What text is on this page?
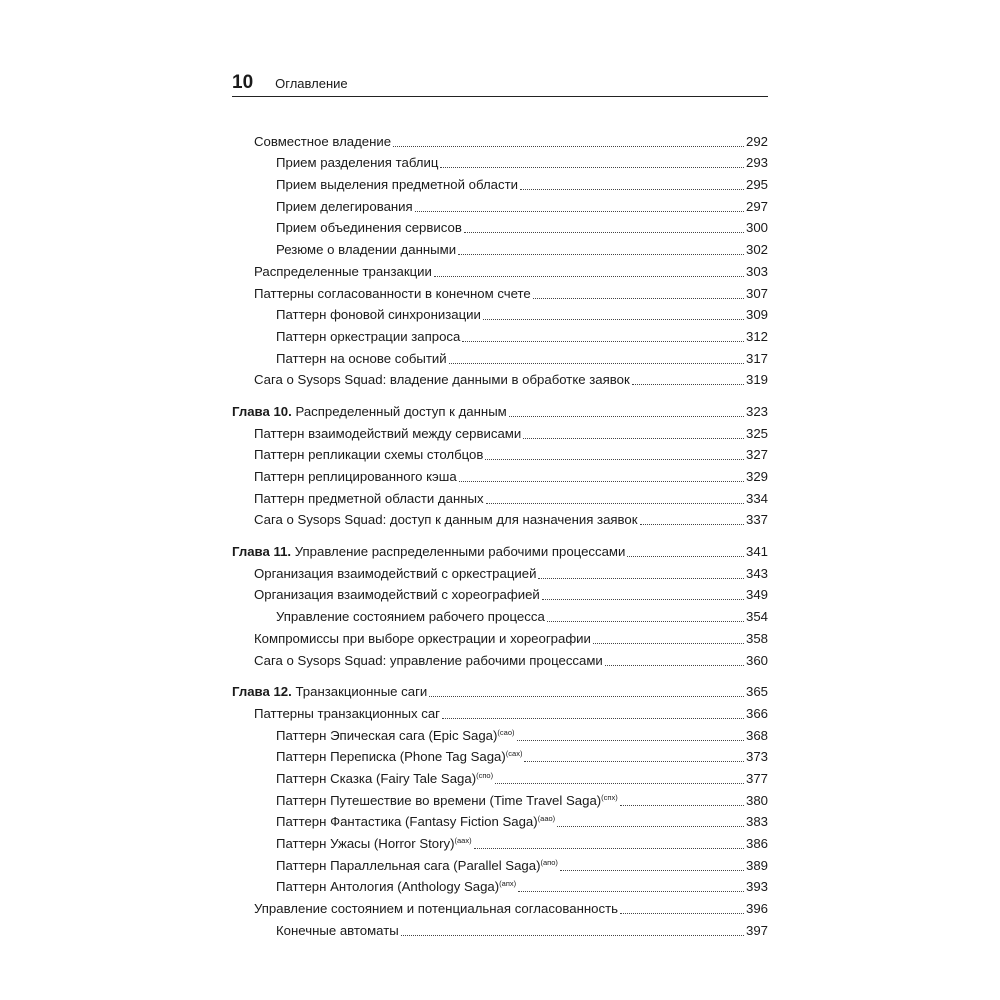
10 Оглавление
Совместное владение	292
Прием разделения таблиц	293
Прием выделения предметной области	295
Прием делегирования	297
Прием объединения сервисов	300
Резюме о владении данными	302
Распределенные транзакции	303
Паттерны согласованности в конечном счете	307
Паттерн фоновой синхронизации	309
Паттерн оркестрации запроса	312
Паттерн на основе событий	317
Сага о Sysops Squad: владение данными в обработке заявок	319
Глава 10. Распределенный доступ к данным	323
Паттерн взаимодействий между сервисами	325
Паттерн репликации схемы столбцов	327
Паттерн реплицированного кэша	329
Паттерн предметной области данных	334
Сага о Sysops Squad: доступ к данным для назначения заявок	337
Глава 11. Управление распределенными рабочими процессами	341
Организация взаимодействий с оркестрацией	343
Организация взаимодействий с хореографией	349
Управление состоянием рабочего процесса	354
Компромиссы при выборе оркестрации и хореографии	358
Сага о Sysops Squad: управление рабочими процессами	360
Глава 12. Транзакционные саги	365
Паттерны транзакционных саг	366
Паттерн Эпическая сага (Epic Saga)$^{(сао)}$	368
Паттерн Переписка (Phone Tag Saga)$^{(сах)}$	373
Паттерн Сказка (Fairy Tale Saga)$^{(спо)}$	377
Паттерн Путешествие во времени (Time Travel Saga)$^{(спх)}$	380
Паттерн Фантастика (Fantasy Fiction Saga)$^{(аао)}$	383
Паттерн Ужасы (Horror Story)$^{(аах)}$	386
Паттерн Параллельная сага (Parallel Saga)$^{(апо)}$	389
Паттерн Антология (Anthology Saga)$^{(апх)}$	393
Управление состоянием и потенциальная согласованность	396
Конечные автоматы	397
